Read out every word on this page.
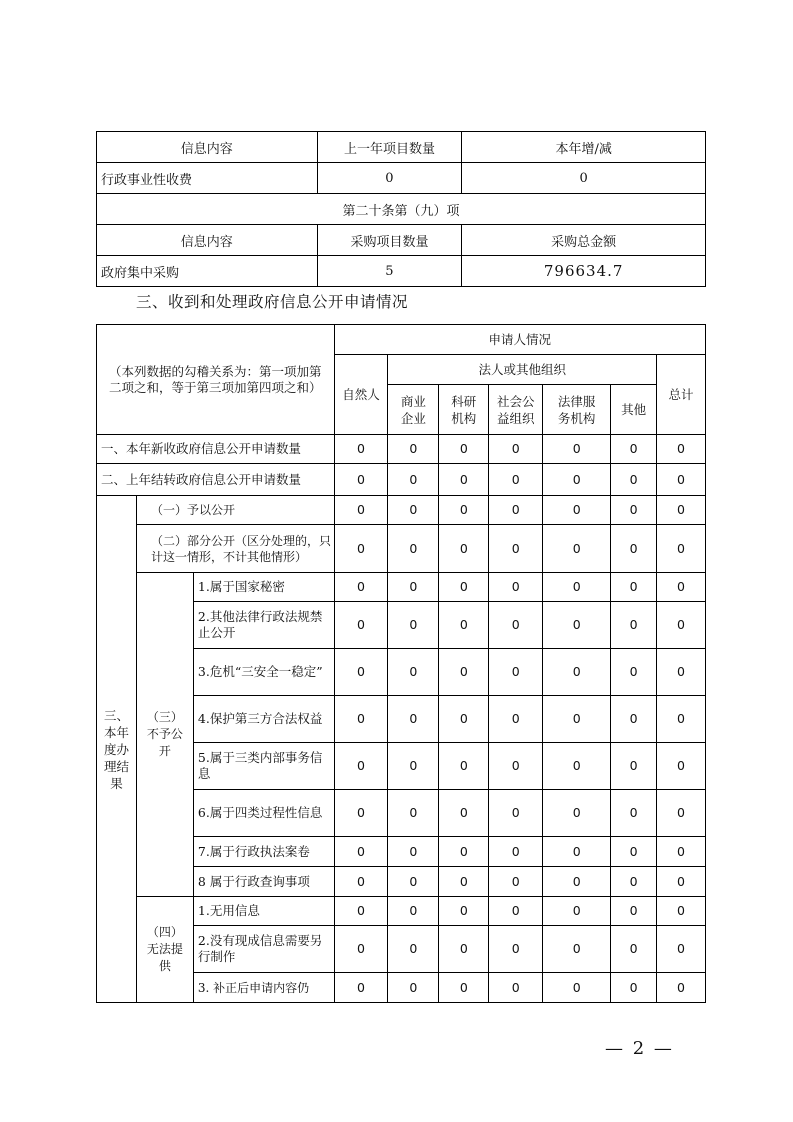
信息内容	上一年项目数量	本年增/减
行政事业性收费	0	0
第二十条第（九）项		
信息内容	采购项目数量	采购总金额
政府集中采购	5	796634.7
三、收到和处理政府信息公开申请情况
（本列数据的勾稽关系为：第一项加第二项之和，等于第三项加第四项之和）			申请人情况						
			自然人	法人或其他组织					总计
				商业企业	科研机构	社会公益组织	法律服务机构	其他	
一、本年新收政府信息公开申请数量			0	0	0	0	0	0	0
二、上年结转政府信息公开申请数量			0	0	0	0	0	0	0
三、本年度办理结果	（一）予以公开		0	0	0	0	0	0	0
	（二）部分公开（区分处理的，只计这一情形，不计其他情形）		0	0	0	0	0	0	0
	（三）不予公开	1.属于国家秘密	0	0	0	0	0	0	0
		2.其他法律行政法规禁止公开	0	0	0	0	0	0	0
		3.危机“三安全一稳定”	0	0	0	0	0	0	0
		4.保护第三方合法权益	0	0	0	0	0	0	0
		5.属于三类内部事务信息	0	0	0	0	0	0	0
		6.属于四类过程性信息	0	0	0	0	0	0	0
		7.属于行政执法案卷	0	0	0	0	0	0	0
		8 属于行政查询事项	0	0	0	0	0	0	0
	（四）无法提供	1.无用信息	0	0	0	0	0	0	0
		2.没有现成信息需要另行制作	0	0	0	0	0	0	0
		3. 补正后申请内容仍	0	0	0	0	0	0	0
— 2 —
